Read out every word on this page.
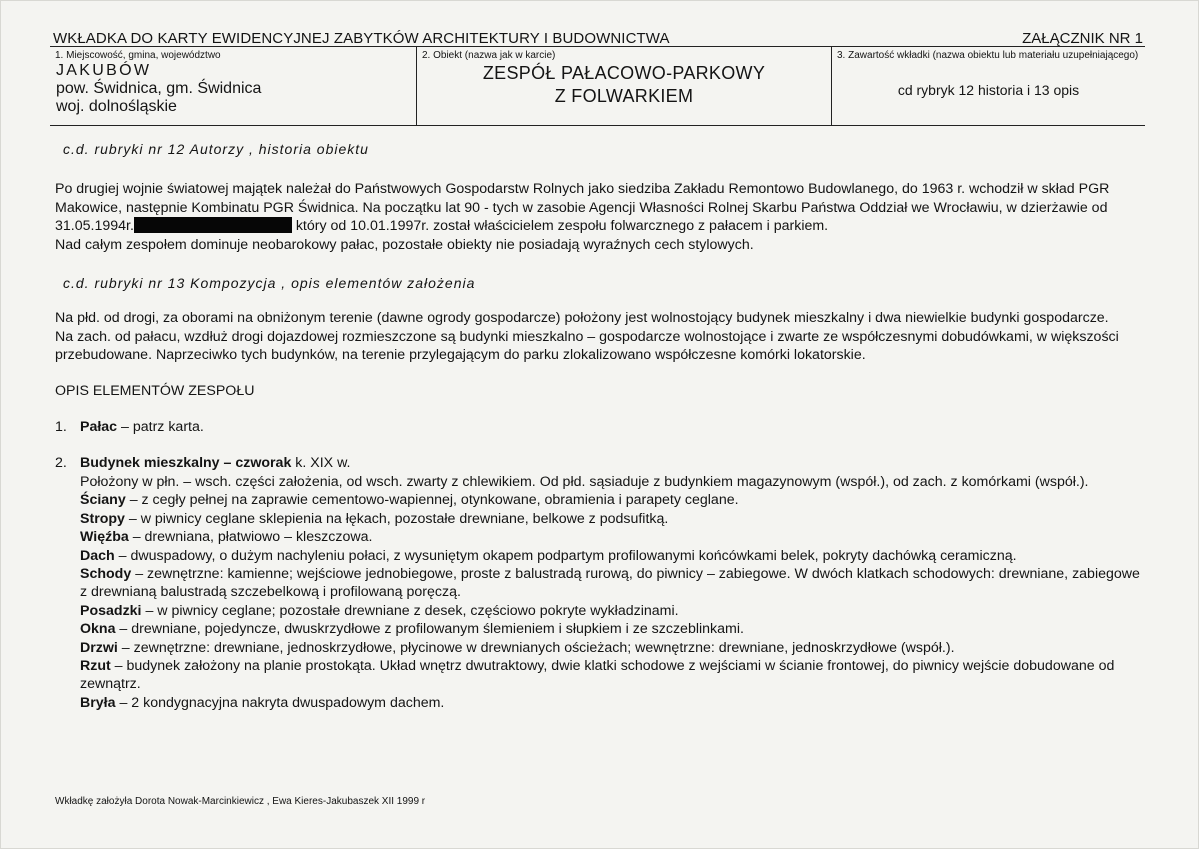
WKŁADKA DO KARTY EWIDENCYJNEJ ZABYTKÓW ARCHITEKTURY I BUDOWNICTWA	ZAŁĄCZNIK NR 1
1. Miejscowość, gmina, województwo
JAKUBÓW
pow. Świdnica, gm. Świdnica
woj. dolnośląskie
2. Obiekt (nazwa jak w karcie)
ZESPÓŁ PAŁACOWO-PARKOWY
Z FOLWARKIEM
3. Zawartość wkładki (nazwa obiektu lub materiału uzupełniającego)
cd rybryk 12 historia i 13 opis

c.d. rubryki nr 12 Autorzy , historia obiektu

Po drugiej wojnie światowej majątek należał do Państwowych Gospodarstw Rolnych jako siedziba Zakładu Remontowo Budowlanego, do 1963 r. wchodził w skład PGR Makowice, następnie Kombinatu PGR Świdnica. Na początku lat 90 - tych w zasobie Agencji Własności Rolnej Skarbu Państwa Oddział we Wrocławiu, w dzierżawie od 31.05.1994r.	który od 10.01.1997r. został właścicielem zespołu folwarcznego z pałacem i parkiem.

Nad całym zespołem dominuje neobarokowy pałac, pozostałe obiekty nie posiadają wyraźnych cech stylowych.

c.d. rubryki nr 13 Kompozycja , opis elementów założenia

Na płd. od drogi, za oborami na obniżonym terenie (dawne ogrody gospodarcze) położony jest wolnostojący budynek mieszkalny i dwa niewielkie budynki gospodarcze.

Na zach. od pałacu, wzdłuż drogi dojazdowej rozmieszczone są budynki mieszkalno – gospodarcze wolnostojące i zwarte ze współczesnymi dobudówkami, w większości przebudowane. Naprzeciwko tych budynków, na terenie przylegającym do parku zlokalizowano współczesne komórki lokatorskie.

OPIS ELEMENTÓW ZESPOŁU

1. Pałac – patrz karta.

2. Budynek mieszkalny – czworak k. XIX w.

Położony w płn. – wsch. części założenia, od wsch. zwarty z chlewikiem. Od płd. sąsiaduje z budynkiem magazynowym (współ.), od zach. z komórkami (współ.).

Ściany – z cegły pełnej na zaprawie cementowo-wapiennej, otynkowane, obramienia i parapety ceglane.

Stropy – w piwnicy ceglane sklepienia na łękach, pozostałe drewniane, belkowe z podsufitką.

Więźba – drewniana, płatwiowo – kleszczowa.

Dach – dwuspadowy, o dużym nachyleniu połaci, z wysuniętym okapem podpartym profilowanymi końcówkami belek, pokryty dachówką ceramiczną.

Schody – zewnętrzne: kamienne; wejściowe jednobiegowe, proste z balustradą rurową, do piwnicy – zabiegowe. W dwóch klatkach schodowych: drewniane, zabiegowe z drewnianą balustradą szczebelkową i profilowaną poręczą.

Posadzki – w piwnicy ceglane; pozostałe drewniane z desek, częściowo pokryte wykładzinami.

Okna – drewniane, pojedyncze, dwuskrzydłowe z profilowanym ślemieniem i słupkiem i ze szczeblinkami.

Drzwi – zewnętrzne: drewniane, jednoskrzydłowe, płycinowe w drewnianych ościeżach; wewnętrzne: drewniane, jednoskrzydłowe (współ.).

Rzut – budynek założony na planie prostokąta. Układ wnętrz dwutraktowy, dwie klatki schodowe z wejściami w ścianie frontowej, do piwnicy wejście dobudowane od zewnątrz.

Bryła – 2 kondygnacyjna nakryta dwuspadowym dachem.

Wkładkę założyła Dorota Nowak-Marcinkiewicz , Ewa Kieres-Jakubaszek XII 1999 r
